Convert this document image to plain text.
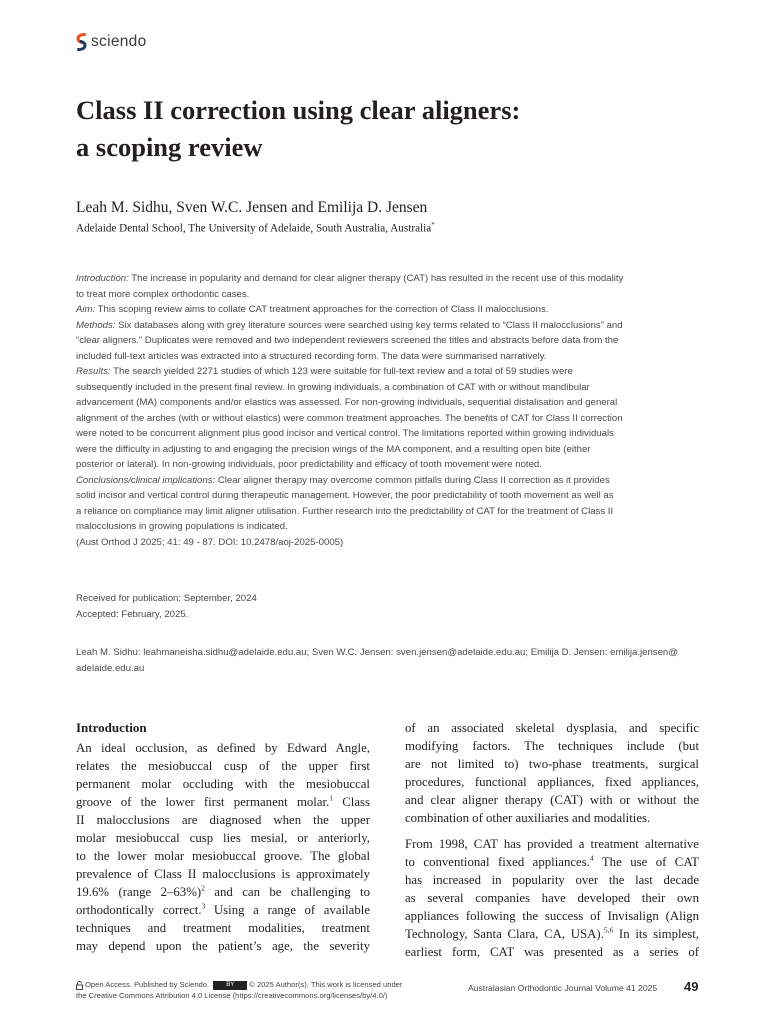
sciendo
Class II correction using clear aligners:
a scoping review
Leah M. Sidhu, Sven W.C. Jensen and Emilija D. Jensen
Adelaide Dental School, The University of Adelaide, South Australia, Australia*

Introduction: The increase in popularity and demand for clear aligner therapy (CAT) has resulted in the recent use of this modality

to treat more complex orthodontic cases.

Aim: This scoping review aims to collate CAT treatment approaches for the correction of Class II malocclusions.

Methods: Six databases along with grey literature sources were searched using key terms related to “Class II malocclusions” and

“clear aligners.” Duplicates were removed and two independent reviewers screened the titles and abstracts before data from the

included full-text articles was extracted into a structured recording form. The data were summarised narratively.

Results: The search yielded 2271 studies of which 123 were suitable for full-text review and a total of 59 studies were

subsequently included in the present final review. In growing individuals, a combination of CAT with or without mandibular

advancement (MA) components and/or elastics was assessed. For non-growing individuals, sequential distalisation and general

alignment of the arches (with or without elastics) were common treatment approaches. The benefits of CAT for Class II correction

were noted to be concurrent alignment plus good incisor and vertical control. The limitations reported within growing individuals

were the difficulty in adjusting to and engaging the precision wings of the MA component, and a resulting open bite (either

posterior or lateral). In non-growing individuals, poor predictability and efficacy of tooth movement were noted.

Conclusions/clinical implications: Clear aligner therapy may overcome common pitfalls during Class II correction as it provides

solid incisor and vertical control during therapeutic management. However, the poor predictability of tooth movement as well as

a reliance on compliance may limit aligner utilisation. Further research into the predictability of CAT for the treatment of Class II

malocclusions in growing populations is indicated.

(Aust Orthod J 2025; 41: 49 - 87. DOI: 10.2478/aoj-2025-0005)

Received for publication: September, 2024

Accepted: February, 2025.

Leah M. Sidhu: leahmaneisha.sidhu@adelaide.edu.au; Sven W.C. Jensen: sven.jensen@adelaide.edu.au; Emilija D. Jensen: emilija.jensen@
adelaide.edu.au
Introduction
An ideal occlusion, as defined by Edward Angle,
relates the mesiobuccal cusp of the upper first
permanent molar occluding with the mesiobuccal
groove of the lower first permanent molar.$^1$ Class
II malocclusions are diagnosed when the upper
molar mesiobuccal cusp lies mesial, or anteriorly,
to the lower molar mesiobuccal groove. The global
prevalence of Class II malocclusions is approximately
19.6% (range 2–63%)$^2$ and can be challenging to
orthodontically correct.$^3$ Using a range of available
techniques and treatment modalities, treatment
may depend upon the patient’s age, the severity
of an associated skeletal dysplasia, and specific
modifying factors. The techniques include (but
are not limited to) two-phase treatments, surgical
procedures, functional appliances, fixed appliances,
and clear aligner therapy (CAT) with or without the
combination of other auxiliaries and modalities.
From 1998, CAT has provided a treatment alternative
to conventional fixed appliances.$^4$ The use of CAT
has increased in popularity over the last decade
as several companies have developed their own
appliances following the success of Invisalign (Align
Technology, Santa Clara, CA, USA).$^{5,6}$ In its simplest,
earliest form, CAT was presented as a series of
Open Access. Published by Sciendo.	BY © 2025 Author(s). This work is licensed under
the Creative Commons Attribution 4.0 License (https://creativecommons.org/licenses/by/4.0/)
Australasian Orthodontic Journal Volume 41 2025 49
